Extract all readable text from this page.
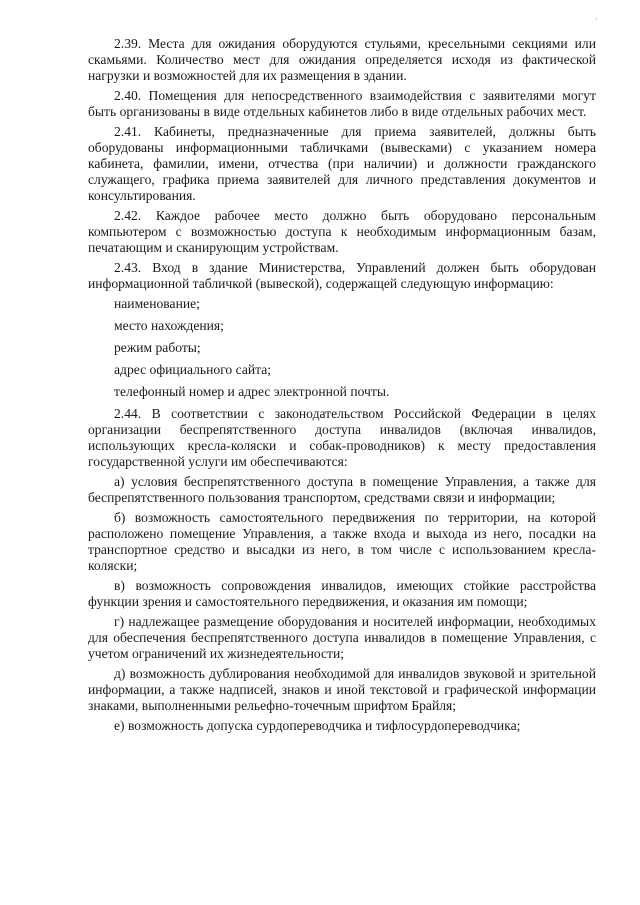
·

2.39. Места для ожидания оборудуются стульями, кресельными секциями или скамьями. Количество мест для ожидания определяется исходя из фактической нагрузки и возможностей для их размещения в здании.

2.40. Помещения для непосредственного взаимодействия с заявителями могут быть организованы в виде отдельных кабинетов либо в виде отдельных рабочих мест.

2.41. Кабинеты, предназначенные для приема заявителей, должны быть оборудованы информационными табличками (вывесками) с указанием номера кабинета, фамилии, имени, отчества (при наличии) и должности гражданского служащего, графика приема заявителей для личного представления документов и консультирования.

2.42. Каждое рабочее место должно быть оборудовано персональным компьютером с возможностью доступа к необходимым информационным базам, печатающим и сканирующим устройствам.

2.43. Вход в здание Министерства, Управлений должен быть оборудован информационной табличкой (вывеской), содержащей следующую информацию:

наименование;

место нахождения;

режим работы;

адрес официального сайта;

телефонный номер и адрес электронной почты.

2.44. В соответствии с законодательством Российской Федерации в целях организации беспрепятственного доступа инвалидов (включая инвалидов, использующих кресла-коляски и собак-проводников) к месту предоставления государственной услуги им обеспечиваются:

а) условия беспрепятственного доступа в помещение Управления, а также для беспрепятственного пользования транспортом, средствами связи и информации;

б) возможность самостоятельного передвижения по территории, на которой расположено помещение Управления, а также входа и выхода из него, посадки на транспортное средство и высадки из него, в том числе с использованием кресла-коляски;

в) возможность сопровождения инвалидов, имеющих стойкие расстройства функции зрения и самостоятельного передвижения, и оказания им помощи;

г) надлежащее размещение оборудования и носителей информации, необходимых для обеспечения беспрепятственного доступа инвалидов в помещение Управления, с учетом ограничений их жизнедеятельности;

д) возможность дублирования необходимой для инвалидов звуковой и зрительной информации, а также надписей, знаков и иной текстовой и графической информации знаками, выполненными рельефно-точечным шрифтом Брайля;

е) возможность допуска сурдопереводчика и тифлосурдопереводчика;
